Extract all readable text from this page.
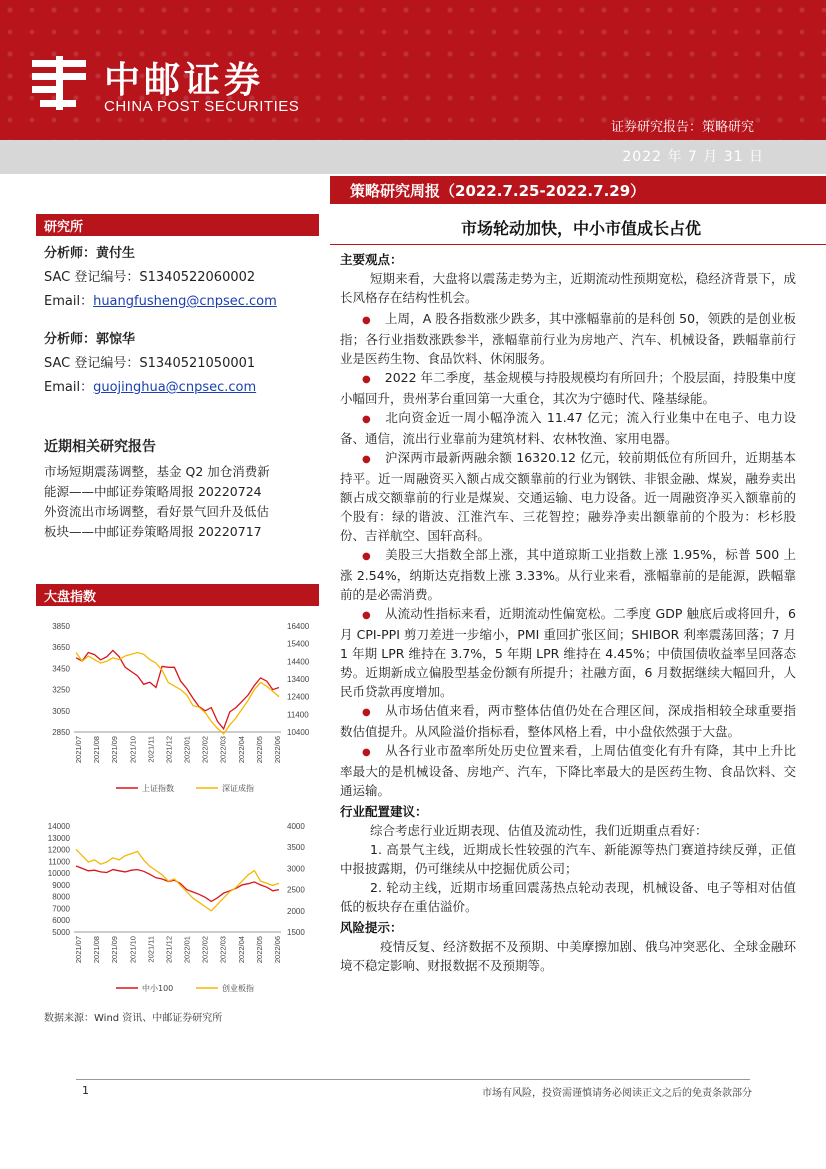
中邮证券
CHINA POST SECURITIES
证券研究报告：策略研究
2022 年 7 月 31 日
策略研究周报（2022.7.25-2022.7.29）
研究所
分析师：黄付生
SAC 登记编号：S1340522060002
Email：huangfusheng@cnpsec.com
分析师：郭惊华
SAC 登记编号：S1340521050001
Email：guojinghua@cnpsec.com
近期相关研究报告
市场短期震荡调整，基金 Q2 加仓消费新
能源——中邮证券策略周报 20220724
外资流出市场调整，看好景气回升及低估
板块——中邮证券策略周报 20220717
大盘指数
3850
3650
3450
3250
3050
2850
16400
15400
14400
13400
12400
11400
10400
2021/07 2021/08 2021/09 2021/10 2021/11 2021/12 2022/01 2022/02 2022/03 2022/04 2022/05 2022/06
上证指数	深证成指
14000
13000
12000
11000
10000
9000
8000
7000
6000
5000
4000
3500
3000
2500
2000
1500
2021/07 2021/08 2021/09 2021/10 2021/11 2021/12 2022/01 2022/02 2022/03 2022/04 2022/05 2022/06
中小100	创业板指
数据来源：Wind 资讯、中邮证券研究所
市场轮动加快，中小市值成长占优
主要观点：
短期来看，大盘将以震荡走势为主，近期流动性预期宽松，稳经济背景下，成长风格存在结构性机会。
● 上周，A 股各指数涨少跌多，其中涨幅靠前的是科创 50，领跌的是创业板指；各行业指数涨跌参半，涨幅靠前行业为房地产、汽车、机械设备，跌幅靠前行业是医药生物、食品饮料、休闲服务。
● 2022 年二季度，基金规模与持股规模均有所回升；个股层面，持股集中度小幅回升，贵州茅台重回第一大重仓，其次为宁德时代、隆基绿能。
● 北向资金近一周小幅净流入 11.47 亿元；流入行业集中在电子、电力设备、通信，流出行业靠前为建筑材料、农林牧渔、家用电器。
● 沪深两市最新两融余额 16320.12 亿元，较前期低位有所回升，近期基本持平。近一周融资买入额占成交额靠前的行业为钢铁、非银金融、煤炭，融券卖出额占成交额靠前的行业是煤炭、交通运输、电力设备。近一周融资净买入额靠前的个股有：绿的谐波、江淮汽车、三花智控；融券净卖出额靠前的个股为：杉杉股份、吉祥航空、国轩高科。
● 美股三大指数全部上涨，其中道琼斯工业指数上涨 1.95%，标普 500 上涨 2.54%，纳斯达克指数上涨 3.33%。从行业来看，涨幅靠前的是能源，跌幅靠前的是必需消费。
● 从流动性指标来看，近期流动性偏宽松。二季度 GDP 触底后或将回升，6 月 CPI-PPI 剪刀差进一步缩小，PMI 重回扩张区间；SHIBOR 利率震荡回落；7 月 1 年期 LPR 维持在 3.7%，5 年期 LPR 维持在 4.45%；中债国债收益率呈回落态势。近期新成立偏股型基金份额有所提升；社融方面，6 月数据继续大幅回升，人民币贷款再度增加。
● 从市场估值来看，两市整体估值仍处在合理区间，深成指相较全球重要指数估值提升。从风险溢价指标看，整体风格上看，中小盘依然强于大盘。
● 从各行业市盈率所处历史位置来看，上周估值变化有升有降，其中上升比率最大的是机械设备、房地产、汽车，下降比率最大的是医药生物、食品饮料、交通运输。
行业配置建议：
综合考虑行业近期表现、估值及流动性，我们近期重点看好：
1. 高景气主线，近期成长性较强的汽车、新能源等热门赛道持续反弹，正值中报披露期，仍可继续从中挖掘优质公司；
2. 轮动主线，近期市场重回震荡热点轮动表现，机械设备、电子等相对估值低的板块存在重估溢价。
风险提示：
疫情反复、经济数据不及预期、中美摩擦加剧、俄乌冲突恶化、全球金融环境不稳定影响、财报数据不及预期等。
1	市场有风险，投资需谨慎请务必阅读正文之后的免责条款部分
